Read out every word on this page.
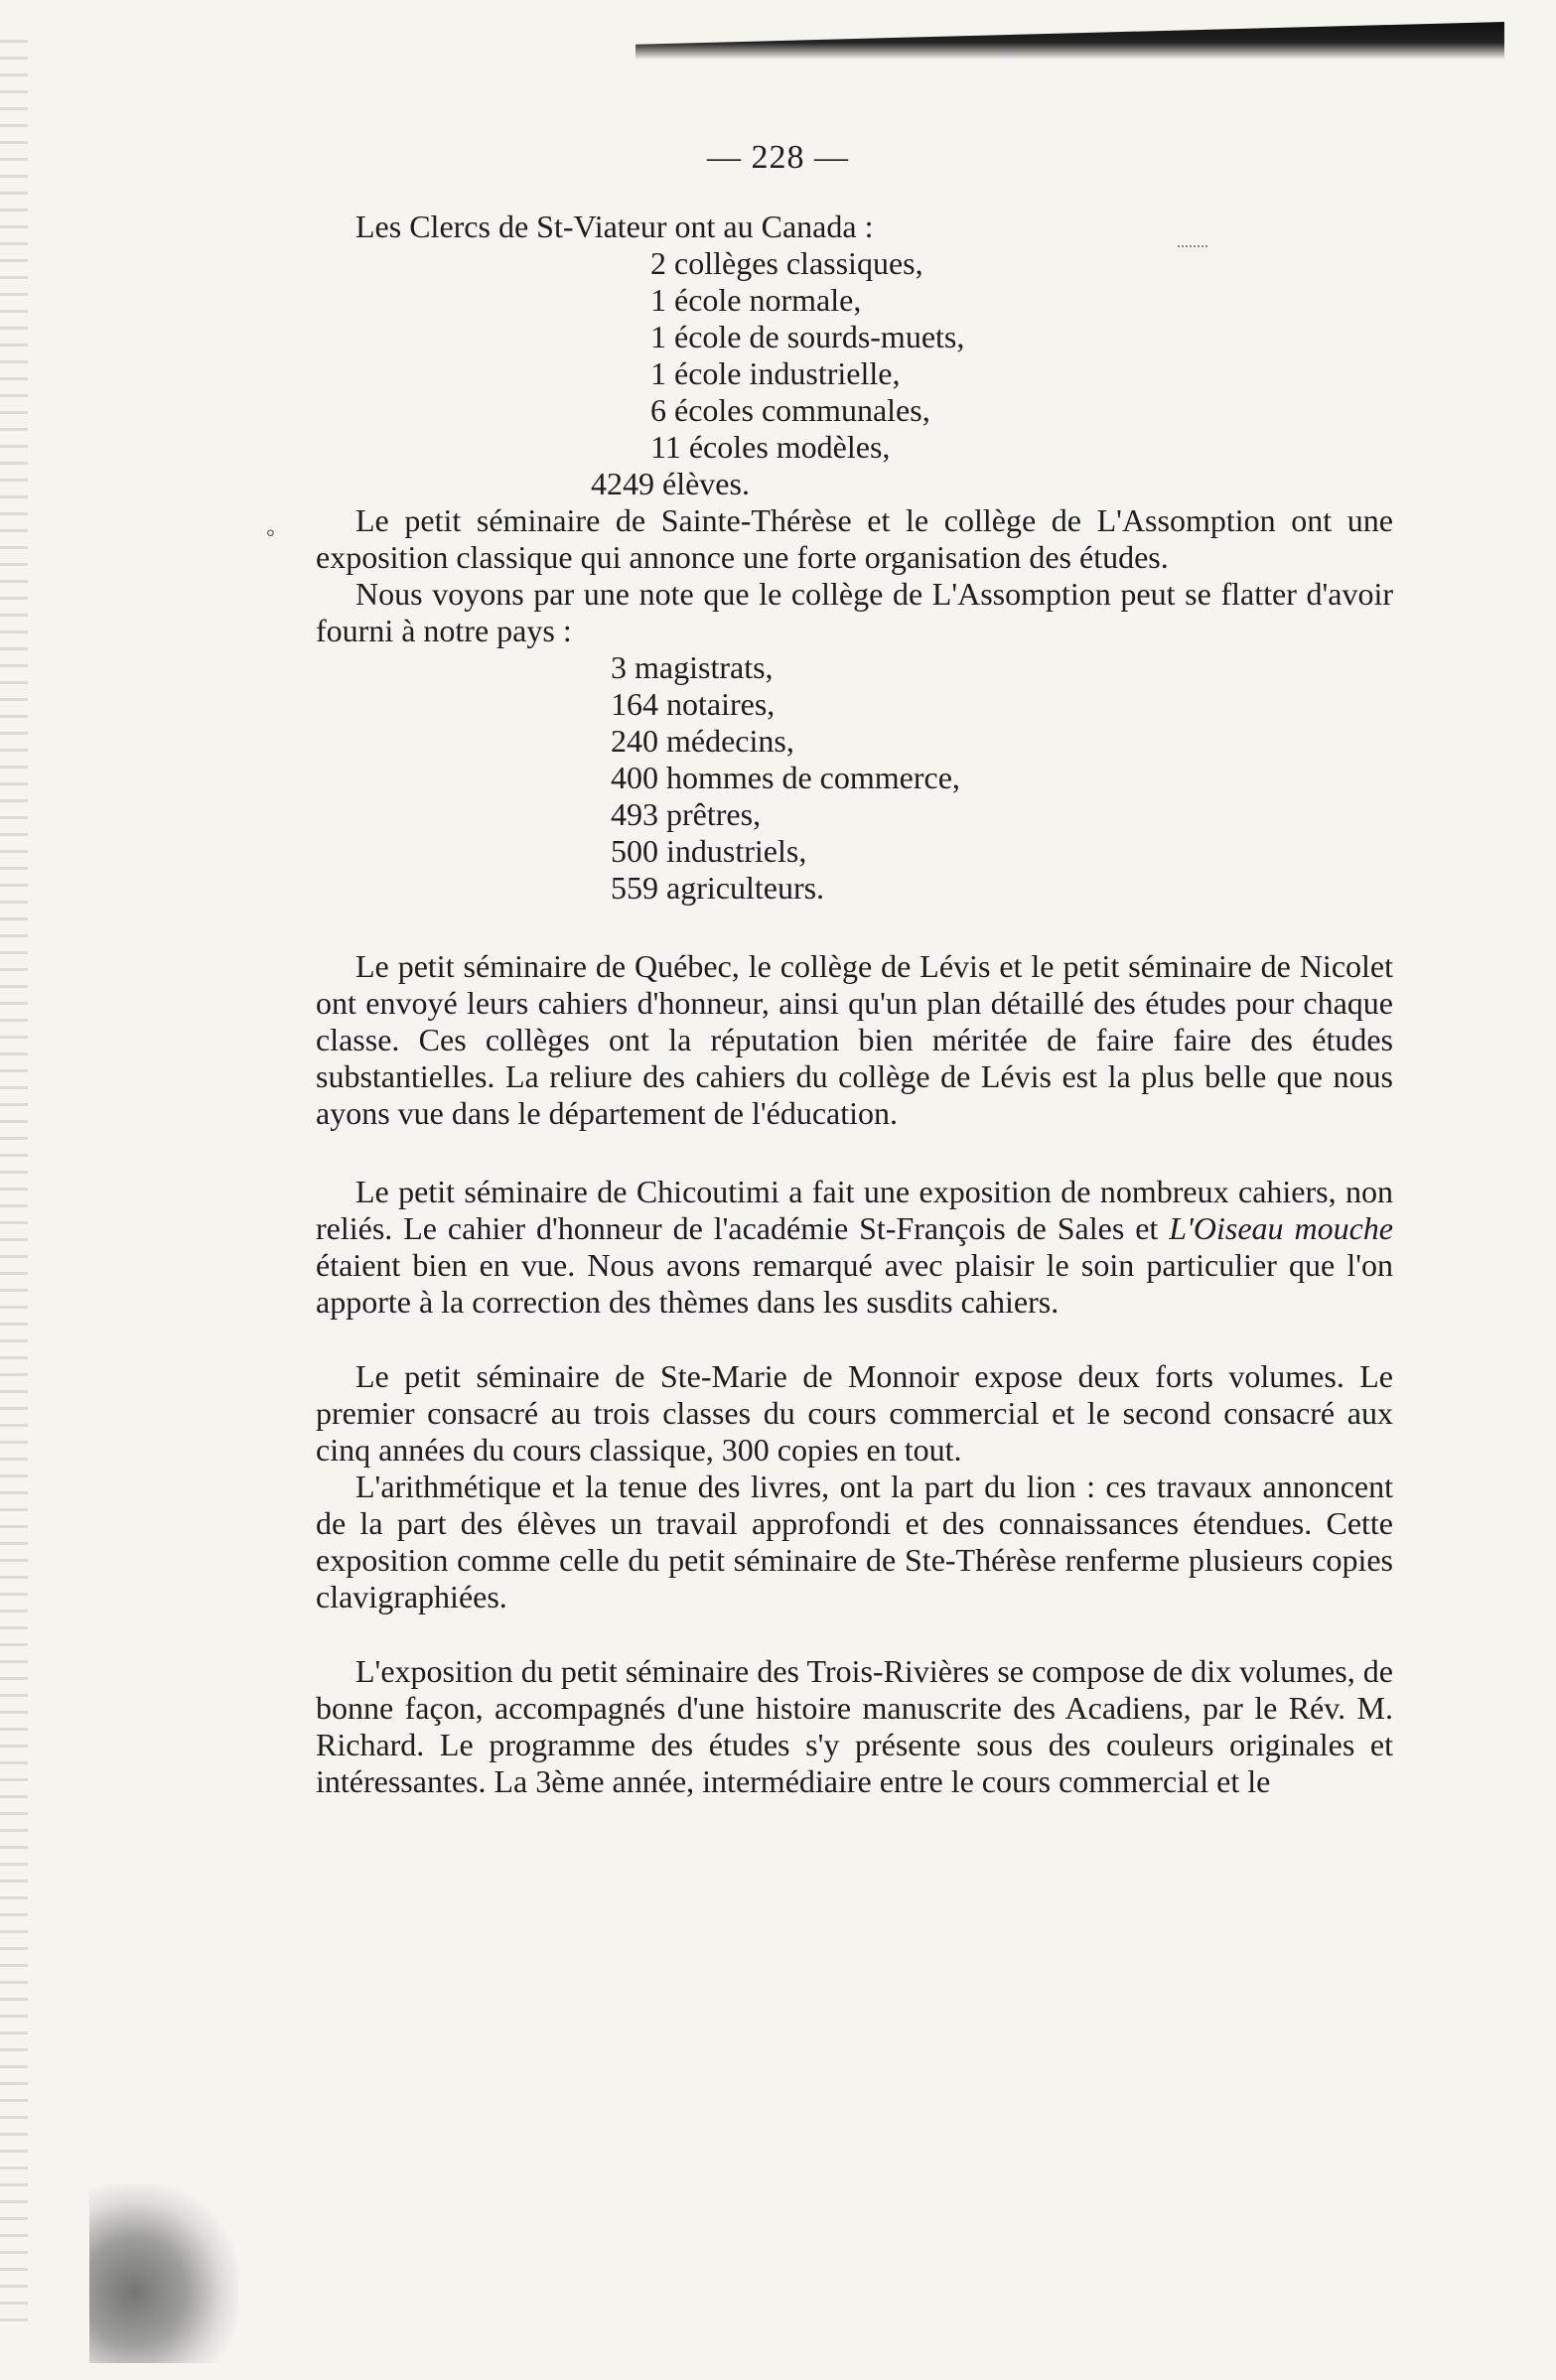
— 228 —
........
°

Les Clercs de St-Viateur ont au Canada :

2 collèges classiques,
1 école normale,
1 école de sourds-muets,
1 école industrielle,
6 écoles communales,
11 écoles modèles,
4249 élèves.

Le petit séminaire de Sainte-Thérèse et le collège de L'Assomption ont une exposition classique qui annonce une forte organisation des études.

Nous voyons par une note que le collège de L'Assomption peut se flatter d'avoir fourni à notre pays :

3 magistrats,
164 notaires,
240 médecins,
400 hommes de commerce,
493 prêtres,
500 industriels,
559 agriculteurs.

Le petit séminaire de Québec, le collège de Lévis et le petit séminaire de Nicolet ont envoyé leurs cahiers d'honneur, ainsi qu'un plan détaillé des études pour chaque classe. Ces collèges ont la réputation bien méritée de faire faire des études substantielles. La reliure des cahiers du collège de Lévis est la plus belle que nous ayons vue dans le département de l'éducation.

Le petit séminaire de Chicoutimi a fait une exposition de nombreux cahiers, non reliés. Le cahier d'honneur de l'académie St-François de Sales et L'Oiseau mouche étaient bien en vue. Nous avons remarqué avec plaisir le soin particulier que l'on apporte à la correction des thèmes dans les susdits cahiers.

Le petit séminaire de Ste-Marie de Monnoir expose deux forts volumes. Le premier consacré au trois classes du cours commercial et le second consacré aux cinq années du cours classique, 300 copies en tout.

L'arithmétique et la tenue des livres, ont la part du lion : ces travaux annoncent de la part des élèves un travail approfondi et des connaissances étendues. Cette exposition comme celle du petit séminaire de Ste-Thérèse renferme plusieurs copies clavigraphiées.

L'exposition du petit séminaire des Trois-Rivières se compose de dix volumes, de bonne façon, accompagnés d'une histoire manuscrite des Acadiens, par le Rév. M. Richard. Le programme des études s'y présente sous des couleurs originales et intéressantes. La 3ème année, intermédiaire entre le cours commercial et le
